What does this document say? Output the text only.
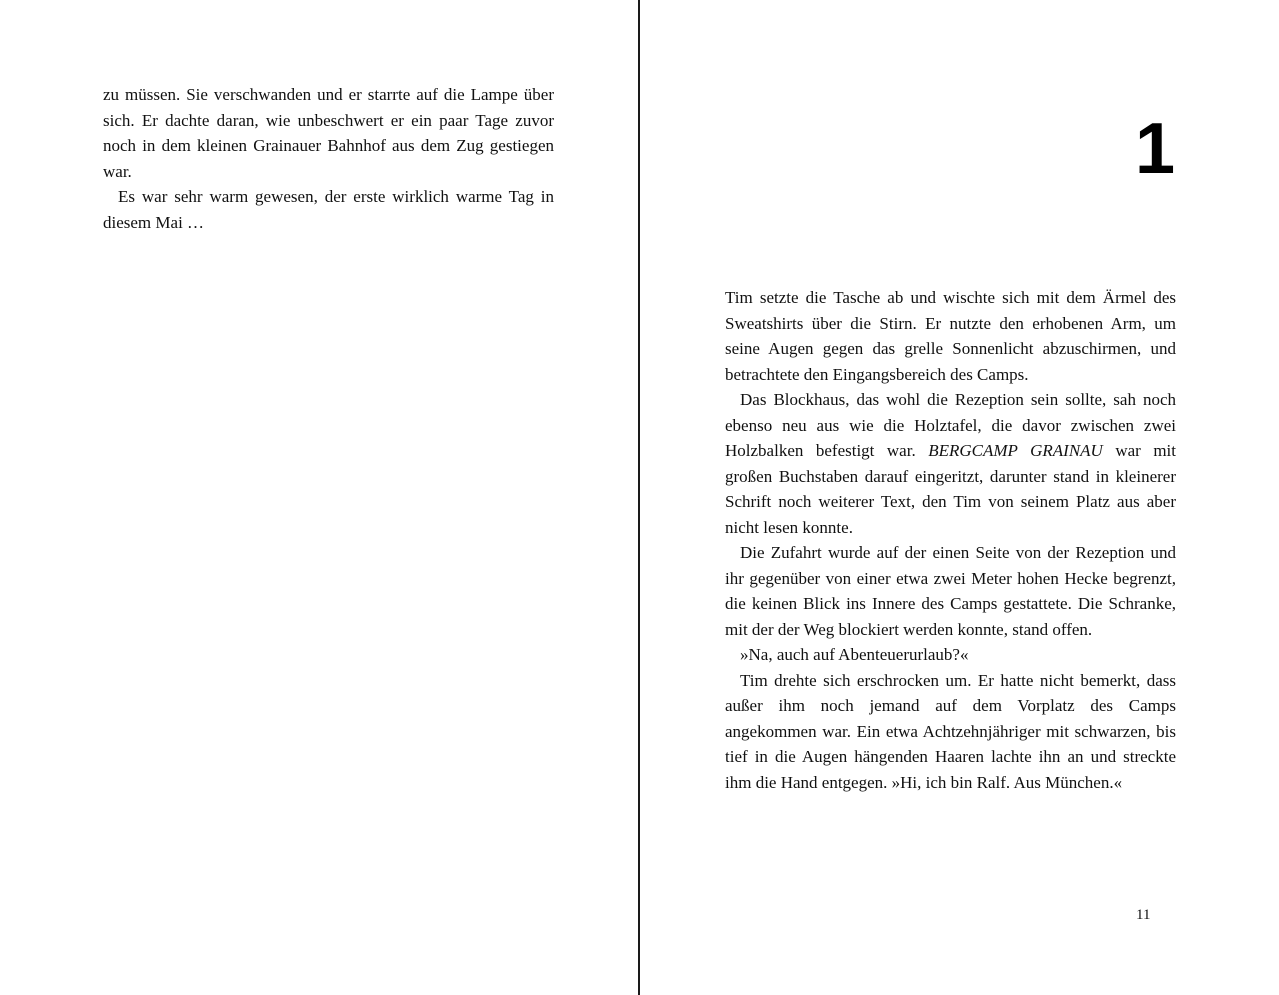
zu müssen. Sie verschwanden und er starrte auf die Lampe über sich. Er dachte daran, wie unbeschwert er ein paar Tage zuvor noch in dem kleinen Grainauer Bahnhof aus dem Zug gestiegen war.

Es war sehr warm gewesen, der erste wirklich warme Tag in diesem Mai …

1

Tim setzte die Tasche ab und wischte sich mit dem Ärmel des Sweatshirts über die Stirn. Er nutzte den erhobenen Arm, um seine Augen gegen das grelle Sonnenlicht abzuschirmen, und betrachtete den Eingangsbereich des Camps.

Das Blockhaus, das wohl die Rezeption sein sollte, sah noch ebenso neu aus wie die Holztafel, die davor zwischen zwei Holzbalken befestigt war. BERGCAMP GRAINAU war mit großen Buchstaben darauf eingeritzt, darunter stand in kleinerer Schrift noch weiterer Text, den Tim von seinem Platz aus aber nicht lesen konnte.

Die Zufahrt wurde auf der einen Seite von der Rezeption und ihr gegenüber von einer etwa zwei Meter hohen Hecke begrenzt, die keinen Blick ins Innere des Camps gestattete. Die Schranke, mit der der Weg blockiert werden konnte, stand offen.

»Na, auch auf Abenteuerurlaub?«

Tim drehte sich erschrocken um. Er hatte nicht bemerkt, dass außer ihm noch jemand auf dem Vorplatz des Camps angekommen war. Ein etwa Achtzehnjähriger mit schwarzen, bis tief in die Augen hängenden Haaren lachte ihn an und streckte ihm die Hand entgegen. »Hi, ich bin Ralf. Aus München.«

11
